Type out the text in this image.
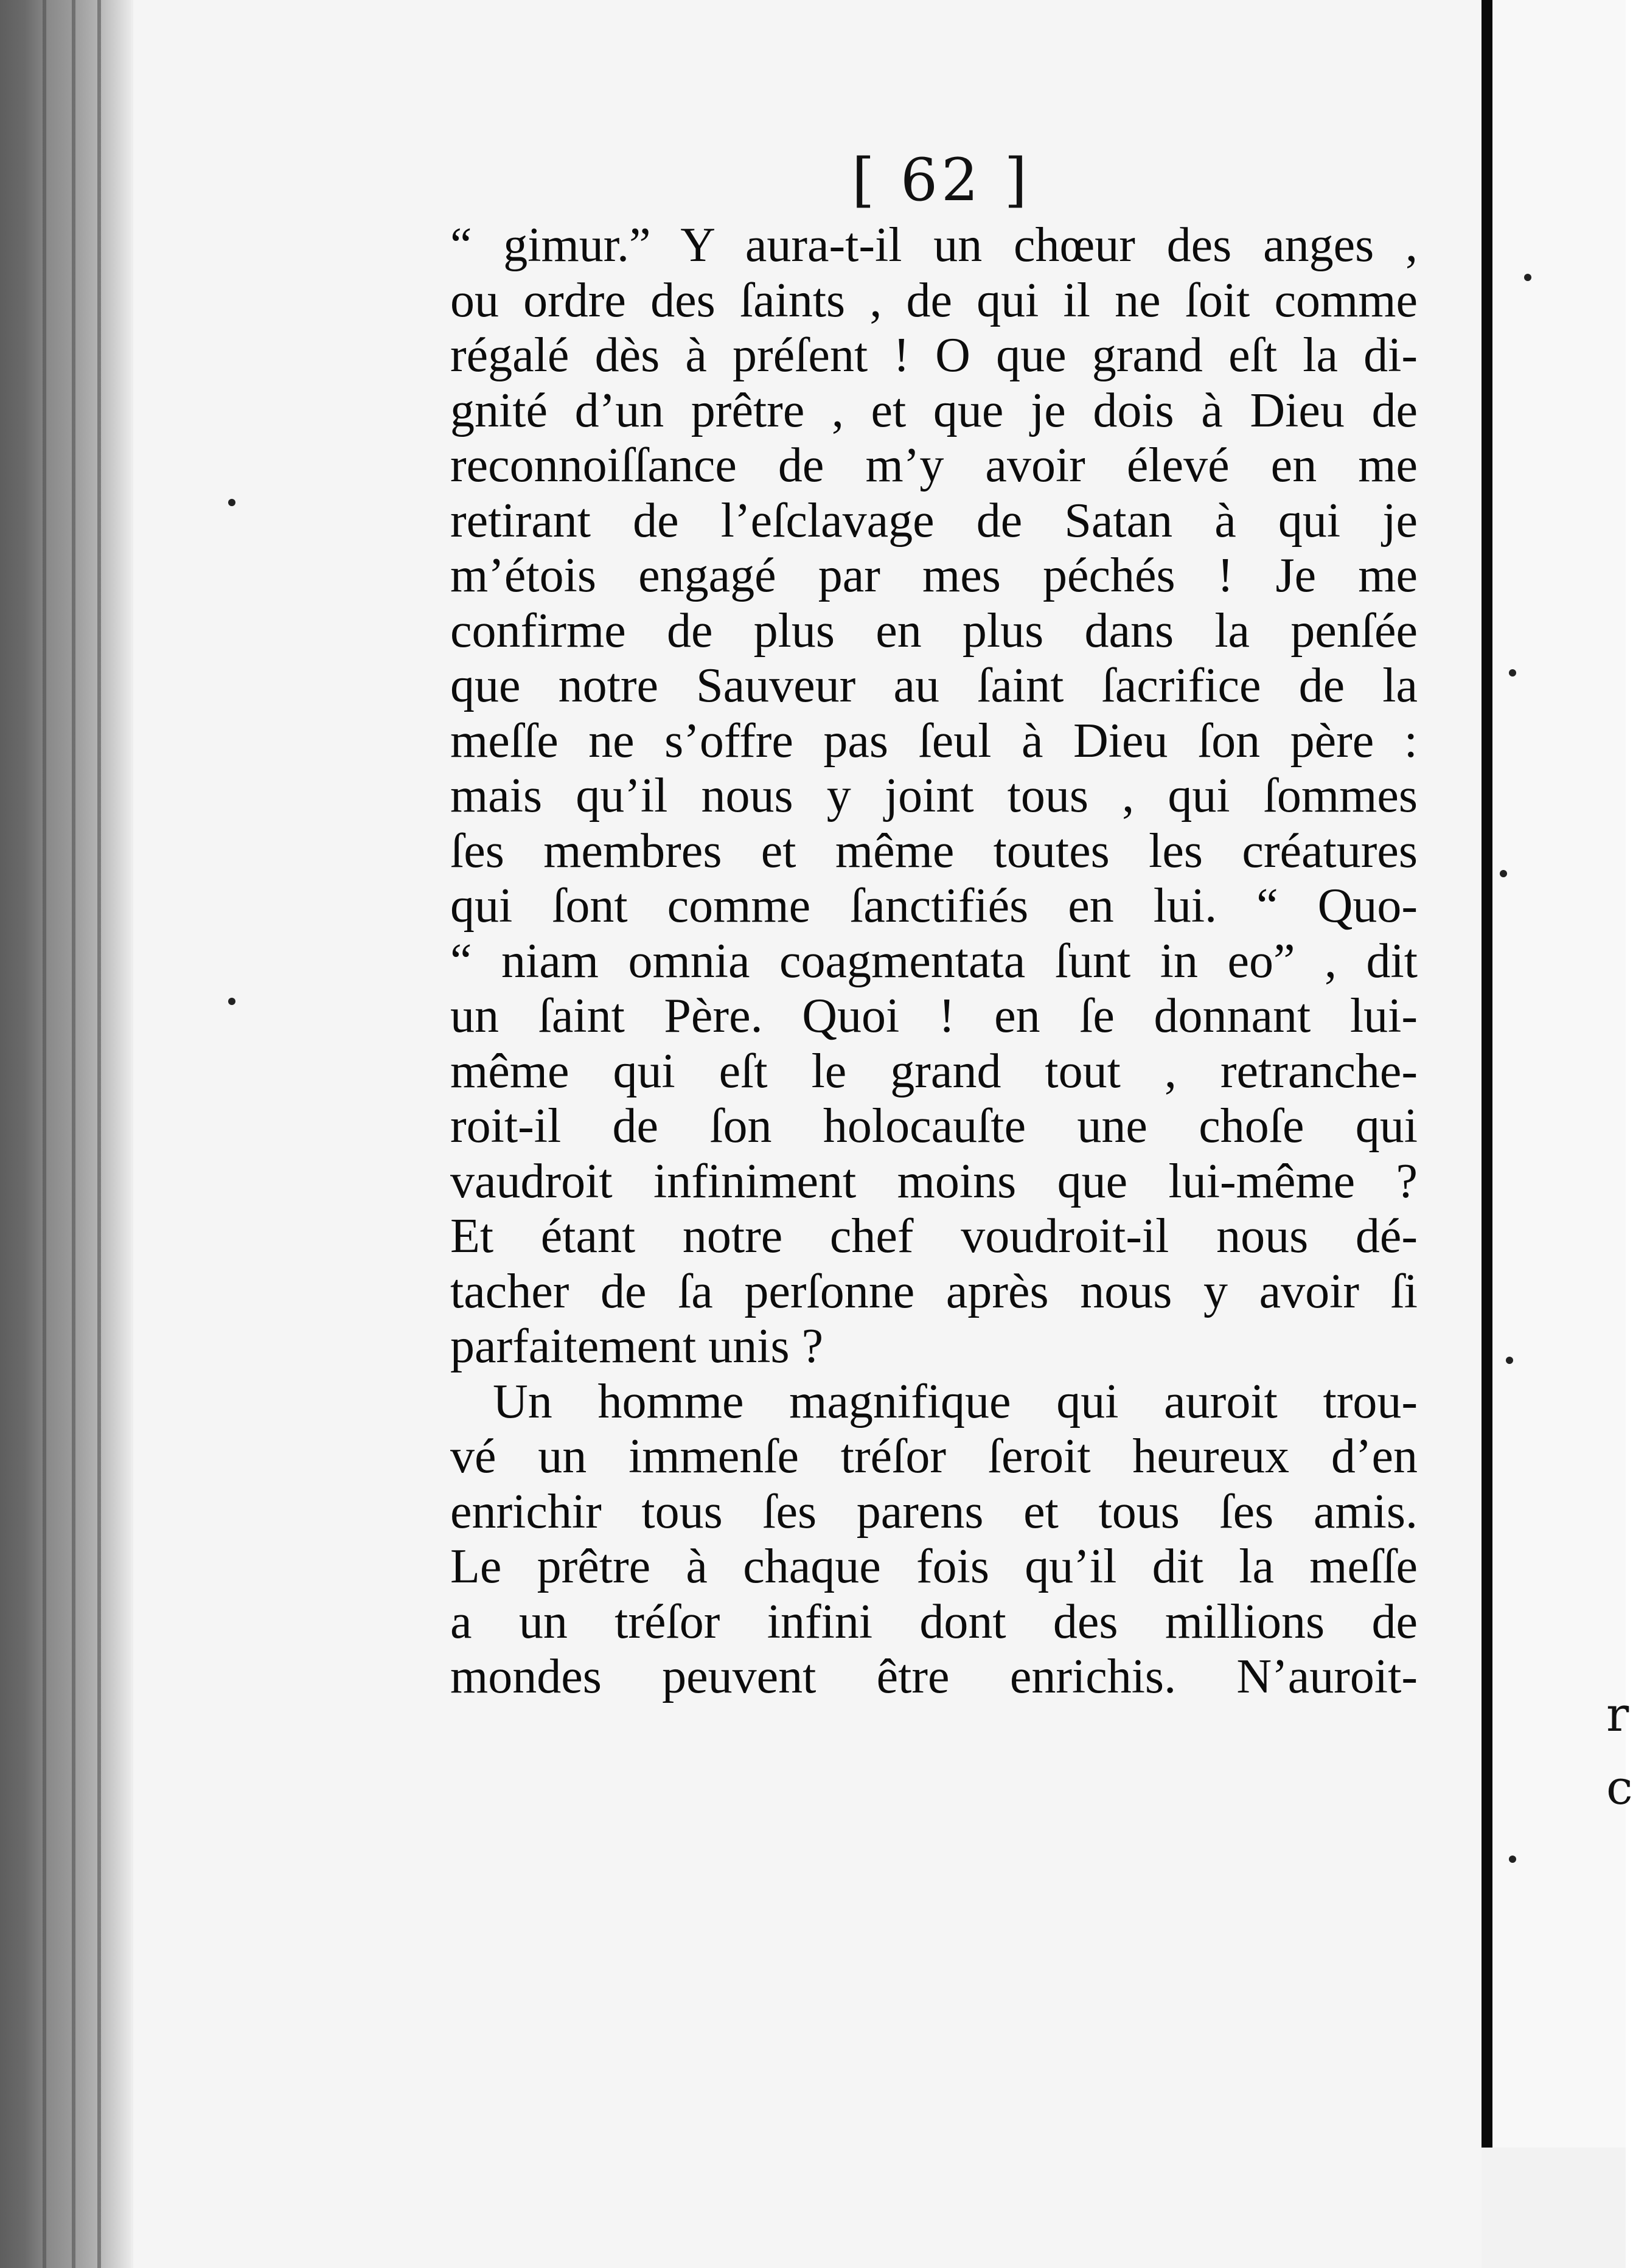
r
c
[ 62 ]
“ gimur.” Y aura-t-il un chœur des anges ,
ou ordre des ſaints , de qui il ne ſoit comme
régalé dès à préſent ! O que grand eſt la di-
gnité d’un prêtre , et que je dois à Dieu de
reconnoiſſance de m’y avoir élevé en me
retirant de l’eſclavage de Satan à qui je
m’étois engagé par mes péchés ! Je me
confirme de plus en plus dans la penſée
que notre Sauveur au ſaint ſacrifice de la
meſſe ne s’offre pas ſeul à Dieu ſon père :
mais qu’il nous y joint tous , qui ſommes
ſes membres et même toutes les créatures
qui ſont comme ſanctifiés en lui. “ Quo-
“ niam omnia coagmentata ſunt in eo” , dit
un ſaint Père. Quoi ! en ſe donnant lui-
même qui eſt le grand tout , retranche-
roit-il de ſon holocauſte une choſe qui
vaudroit infiniment moins que lui-même ?
Et étant notre chef voudroit-il nous dé-
tacher de ſa perſonne après nous y avoir ſi
parfaitement unis ?
Un homme magnifique qui auroit trou-
vé un immenſe tréſor ſeroit heureux d’en
enrichir tous ſes parens et tous ſes amis.
Le prêtre à chaque fois qu’il dit la meſſe
a un tréſor infini dont des millions de
mondes peuvent être enrichis. N’auroit-
